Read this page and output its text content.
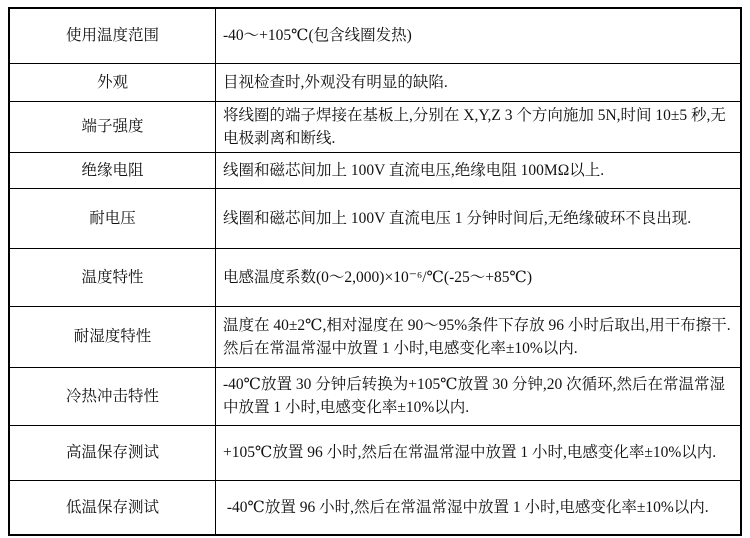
使用温度范围	-40～+105℃(包含线圈发热)
外观	目视检查时,外观没有明显的缺陷.
端子强度	将线圈的端子焊接在基板上,分别在 X,Y,Z 3 个方向施加 5N,时间 10±5 秒,无电极剥离和断线.
绝缘电阻	线圈和磁芯间加上 100V 直流电压,绝缘电阻 100MΩ以上.
耐电压	线圈和磁芯间加上 100V 直流电压 1 分钟时间后,无绝缘破环不良出现.
温度特性	电感温度系数(0～2,000)×10⁻⁶/℃(-25～+85℃)
耐湿度特性	温度在 40±2℃,相对湿度在 90～95%条件下存放 96 小时后取出,用干布擦干.然后在常温常湿中放置 1 小时,电感变化率±10%以内.
冷热冲击特性	-40℃放置 30 分钟后转换为+105℃放置 30 分钟,20 次循环,然后在常温常湿中放置 1 小时,电感变化率±10%以内.
高温保存测试	+105℃放置 96 小时,然后在常温常湿中放置 1 小时,电感变化率±10%以内.
低温保存测试	-40℃放置 96 小时,然后在常温常湿中放置 1 小时,电感变化率±10%以内.
